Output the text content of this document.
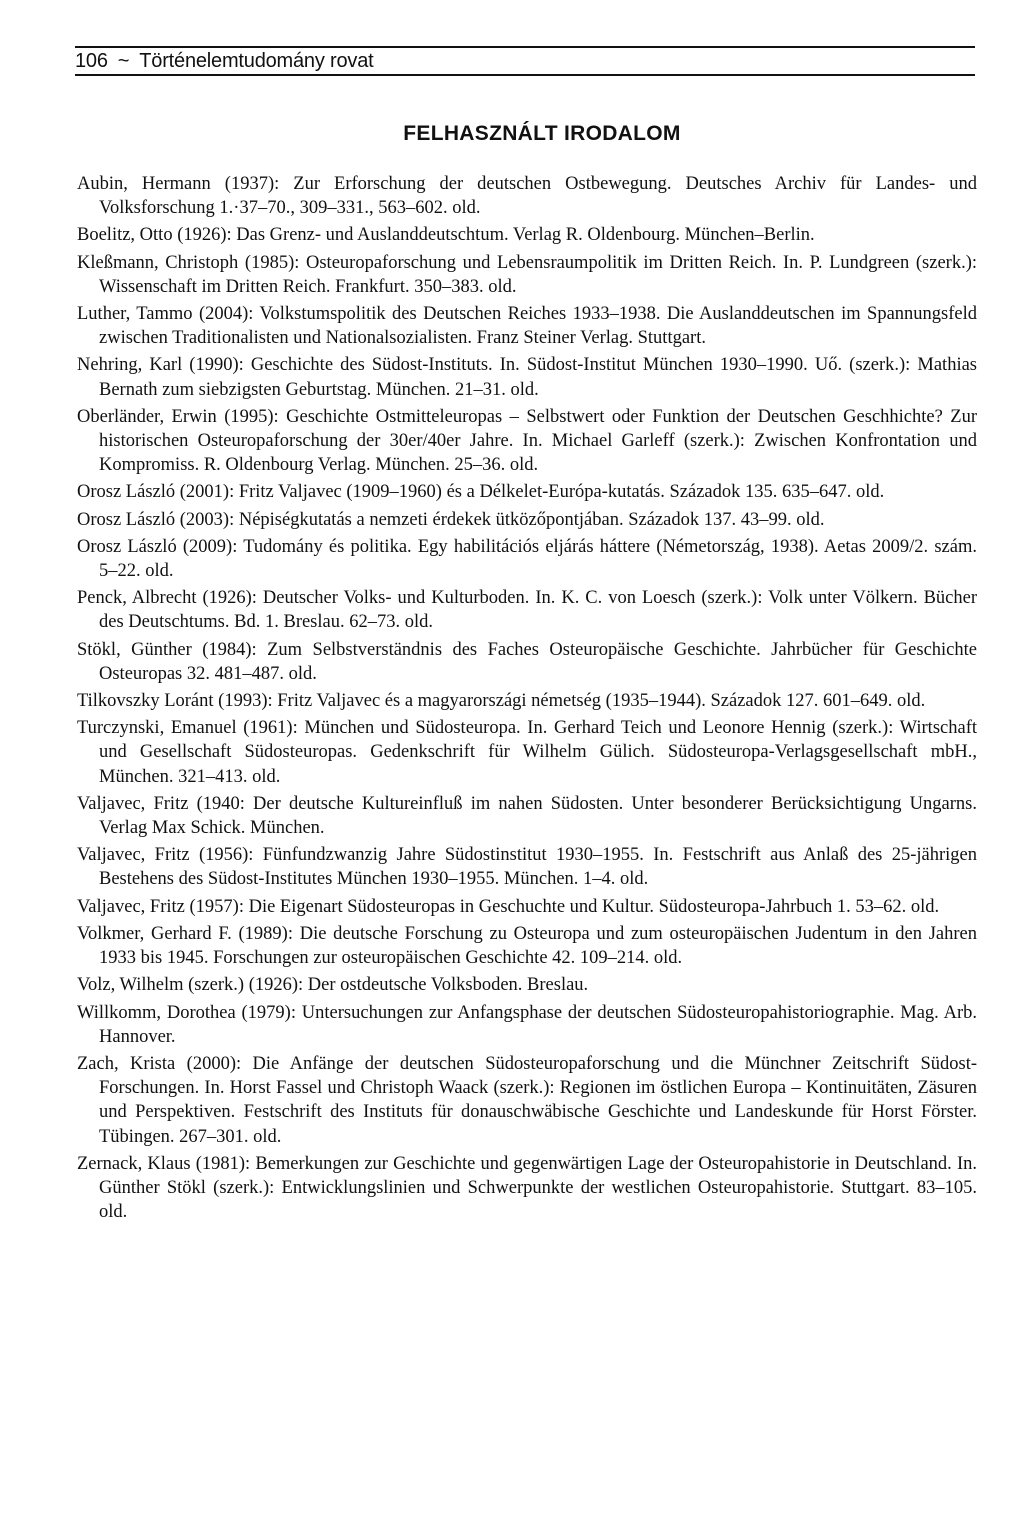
106 ~ Történelemtudomány rovat
FELHASZNÁLT IRODALOM
Aubin, Hermann (1937): Zur Erforschung der deutschen Ostbewegung. Deutsches Archiv für Landes- und Volksforschung 1.·37–70., 309–331., 563–602. old.
Boelitz, Otto (1926): Das Grenz- und Auslanddeutschtum. Verlag R. Oldenbourg. München–Berlin.
Kleßmann, Christoph (1985): Osteuropaforschung und Lebensraumpolitik im Dritten Reich. In. P. Lundgreen (szerk.): Wissenschaft im Dritten Reich. Frankfurt. 350–383. old.
Luther, Tammo (2004): Volkstumspolitik des Deutschen Reiches 1933–1938. Die Auslanddeutschen im Spannungsfeld zwischen Traditionalisten und Nationalsozialisten. Franz Steiner Verlag. Stuttgart.
Nehring, Karl (1990): Geschichte des Südost-Instituts. In. Südost-Institut München 1930–1990. Uő. (szerk.): Mathias Bernath zum siebzigsten Geburtstag. München. 21–31. old.
Oberländer, Erwin (1995): Geschichte Ostmitteleuropas – Selbstwert oder Funktion der Deutschen Geschhichte? Zur historischen Osteuropaforschung der 30er/40er Jahre. In. Michael Garleff (szerk.): Zwischen Konfrontation und Kompromiss. R. Oldenbourg Verlag. München. 25–36. old.
Orosz László (2001): Fritz Valjavec (1909–1960) és a Délkelet-Európa-kutatás. Századok 135. 635–647. old.
Orosz László (2003): Népiségkutatás a nemzeti érdekek ütközőpontjában. Századok 137. 43–99. old.
Orosz László (2009): Tudomány és politika. Egy habilitációs eljárás háttere (Németország, 1938). Aetas 2009/2. szám. 5–22. old.
Penck, Albrecht (1926): Deutscher Volks- und Kulturboden. In. K. C. von Loesch (szerk.): Volk unter Völkern. Bücher des Deutschtums. Bd. 1. Breslau. 62–73. old.
Stökl, Günther (1984): Zum Selbstverständnis des Faches Osteuropäische Geschichte. Jahrbücher für Geschichte Osteuropas 32. 481–487. old.
Tilkovszky Loránt (1993): Fritz Valjavec és a magyarországi németség (1935–1944). Századok 127. 601–649. old.
Turczynski, Emanuel (1961): München und Südosteuropa. In. Gerhard Teich und Leonore Hennig (szerk.): Wirtschaft und Gesellschaft Südosteuropas. Gedenkschrift für Wilhelm Gülich. Südosteuropa-Verlagsgesellschaft mbH., München. 321–413. old.
Valjavec, Fritz (1940: Der deutsche Kultureinfluß im nahen Südosten. Unter besonderer Berücksichtigung Ungarns. Verlag Max Schick. München.
Valjavec, Fritz (1956): Fünfundzwanzig Jahre Südostinstitut 1930–1955. In. Festschrift aus Anlaß des 25-jährigen Bestehens des Südost-Institutes München 1930–1955. München. 1–4. old.
Valjavec, Fritz (1957): Die Eigenart Südosteuropas in Geschuchte und Kultur. Südosteuropa-Jahrbuch 1. 53–62. old.
Volkmer, Gerhard F. (1989): Die deutsche Forschung zu Osteuropa und zum osteuropäischen Judentum in den Jahren 1933 bis 1945. Forschungen zur osteuropäischen Geschichte 42. 109–214. old.
Volz, Wilhelm (szerk.) (1926): Der ostdeutsche Volksboden. Breslau.
Willkomm, Dorothea (1979): Untersuchungen zur Anfangsphase der deutschen Südosteuropahistoriographie. Mag. Arb. Hannover.
Zach, Krista (2000): Die Anfänge der deutschen Südosteuropaforschung und die Münchner Zeitschrift Südost-Forschungen. In. Horst Fassel und Christoph Waack (szerk.): Regionen im östlichen Europa – Kontinuitäten, Zäsuren und Perspektiven. Festschrift des Instituts für donauschwäbische Geschichte und Landeskunde für Horst Förster. Tübingen. 267–301. old.
Zernack, Klaus (1981): Bemerkungen zur Geschichte und gegenwärtigen Lage der Osteuropahistorie in Deutschland. In. Günther Stökl (szerk.): Entwicklungslinien und Schwerpunkte der westlichen Osteuropahistorie. Stuttgart. 83–105. old.
